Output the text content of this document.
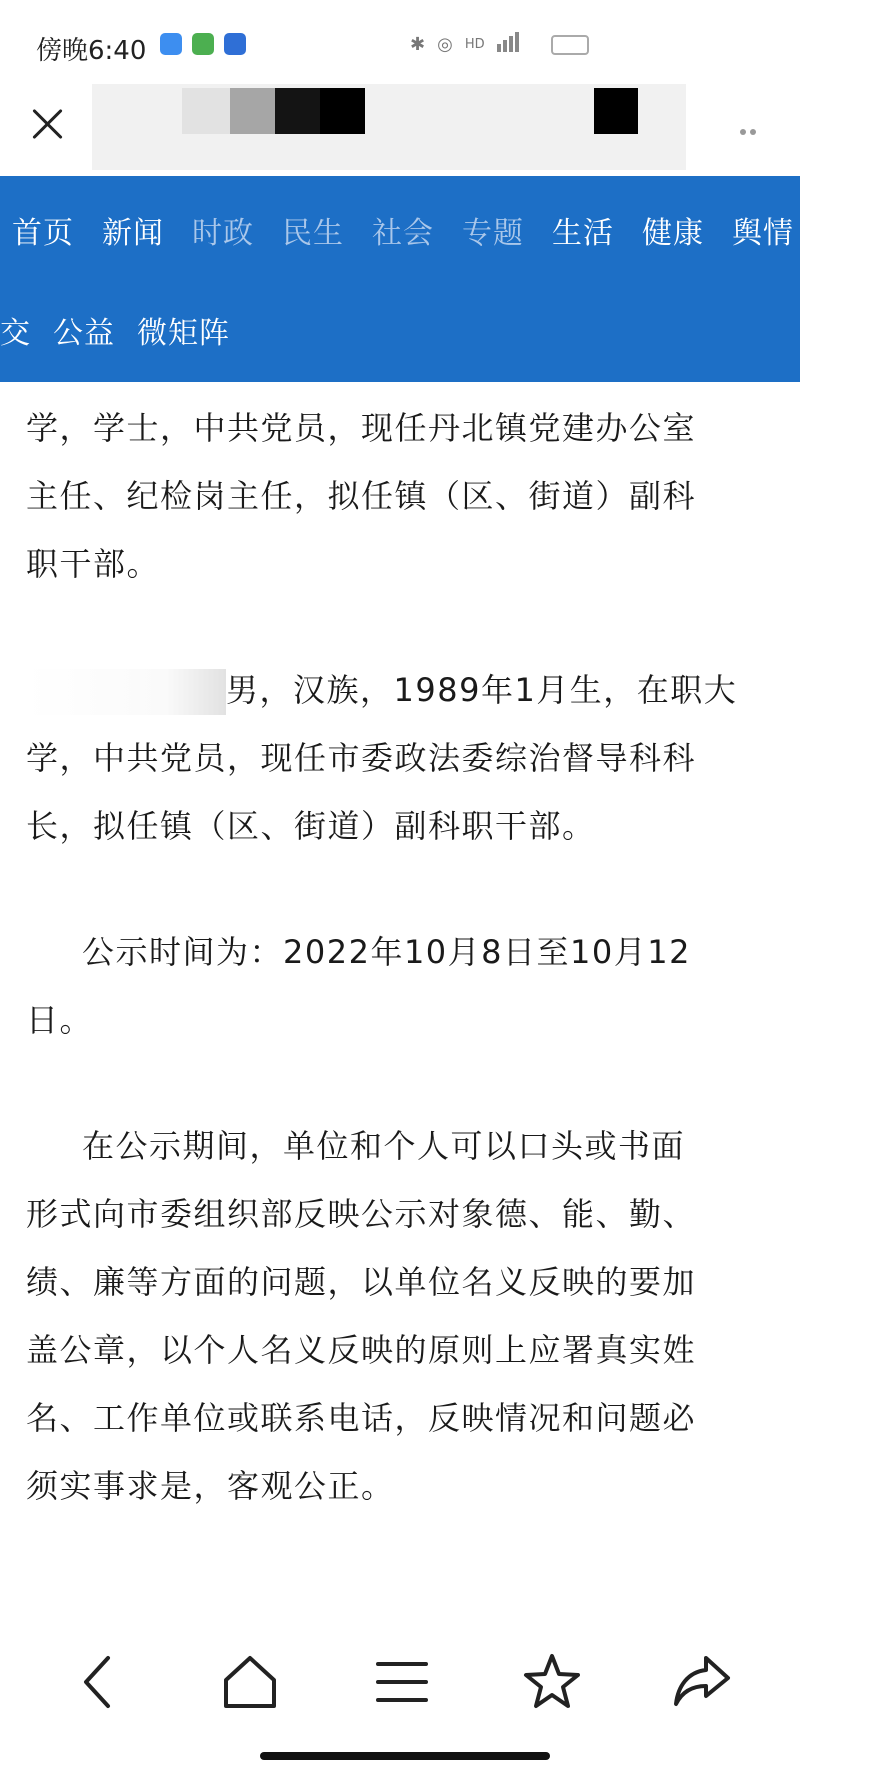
傍晚6:40	✱ ◎ HD
首页 新闻 时政 民生 社会 专题 生活 健康 舆情 知
交 公益 微矩阵
学，学士，中共党员，现任丹北镇党建办公室
主任、纪检岗主任，拟任镇（区、街道）副科
职干部。
男，汉族，1989年1月生，在职大
学，中共党员，现任市委政法委综治督导科科
长，拟任镇（区、街道）副科职干部。
公示时间为：2022年10月8日至10月12
日。
在公示期间，单位和个人可以口头或书面
形式向市委组织部反映公示对象德、能、勤、
绩、廉等方面的问题，以单位名义反映的要加
盖公章，以个人名义反映的原则上应署真实姓
名、工作单位或联系电话，反映情况和问题必
须实事求是，客观公正。
